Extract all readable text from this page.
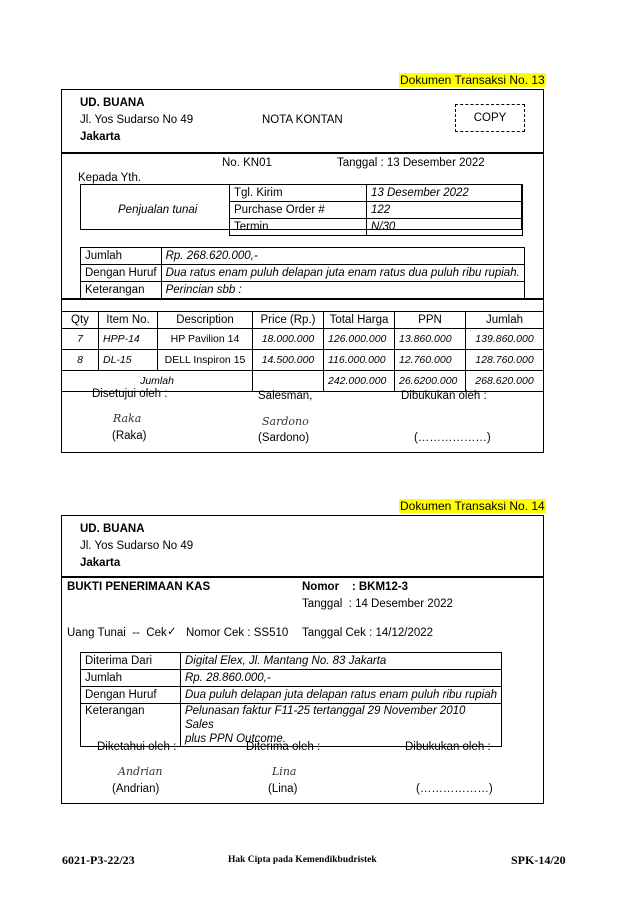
Dokumen Transaksi No. 13
UD. BUANA
Jl. Yos Sudarso No 49
Jakarta
NOTA KONTAN	COPY
No. KN01	Tanggal : 13 Desember 2022
Kepada Yth.
Penjualan tunai
Tgl. Kirim	13 Desember 2022
Purchase Order #	122
Termin	N/30
Jumlah	Rp. 268.620.000,-
Dengan Huruf	Dua ratus enam puluh delapan juta enam ratus dua puluh ribu rupiah.
Keterangan	Perincian sbb :
Qty	Item No.	Description	Price (Rp.)	Total Harga	PPN	Jumlah
7	HPP-14	HP Pavilion 14	18.000.000	126.000.000	13.860.000	139.860.000
8	DL-15	DELL Inspiron 15	14.500.000	116.000.000	12.760.000	128.760.000
Jumlah				242.000.000	26.6200.000	268.620.000
Disetujui oleh :
Raka
(Raka)
Salesman,
Sardono
(Sardono)
Dibukukan oleh :
(………………)
Dokumen Transaksi No. 14
UD. BUANA
Jl. Yos Sudarso No 49
Jakarta
BUKTI PENERIMAAN KAS	Nomor    : BKM12-3
Tanggal  : 14 Desember 2022
Uang Tunai  --  Cek ✓ Nomor Cek : SS510 Tanggal Cek : 14/12/2022
Diterima Dari	Digital Elex, Jl. Mantang No. 83 Jakarta
Jumlah	Rp. 28.860.000,-
Dengan Huruf	Dua puluh delapan juta delapan ratus enam puluh ribu rupiah
Keterangan	Pelunasan faktur F11-25 tertanggal 29 November 2010 Sales
plus PPN Outcome.
Diketahui oleh :
Andrian
(Andrian)
Diterima oleh :
Lina
(Lina)
Dibukukan oleh :
(………………)
6021-P3-22/23	Hak Cipta pada Kemendikbudristek	SPK-14/20
